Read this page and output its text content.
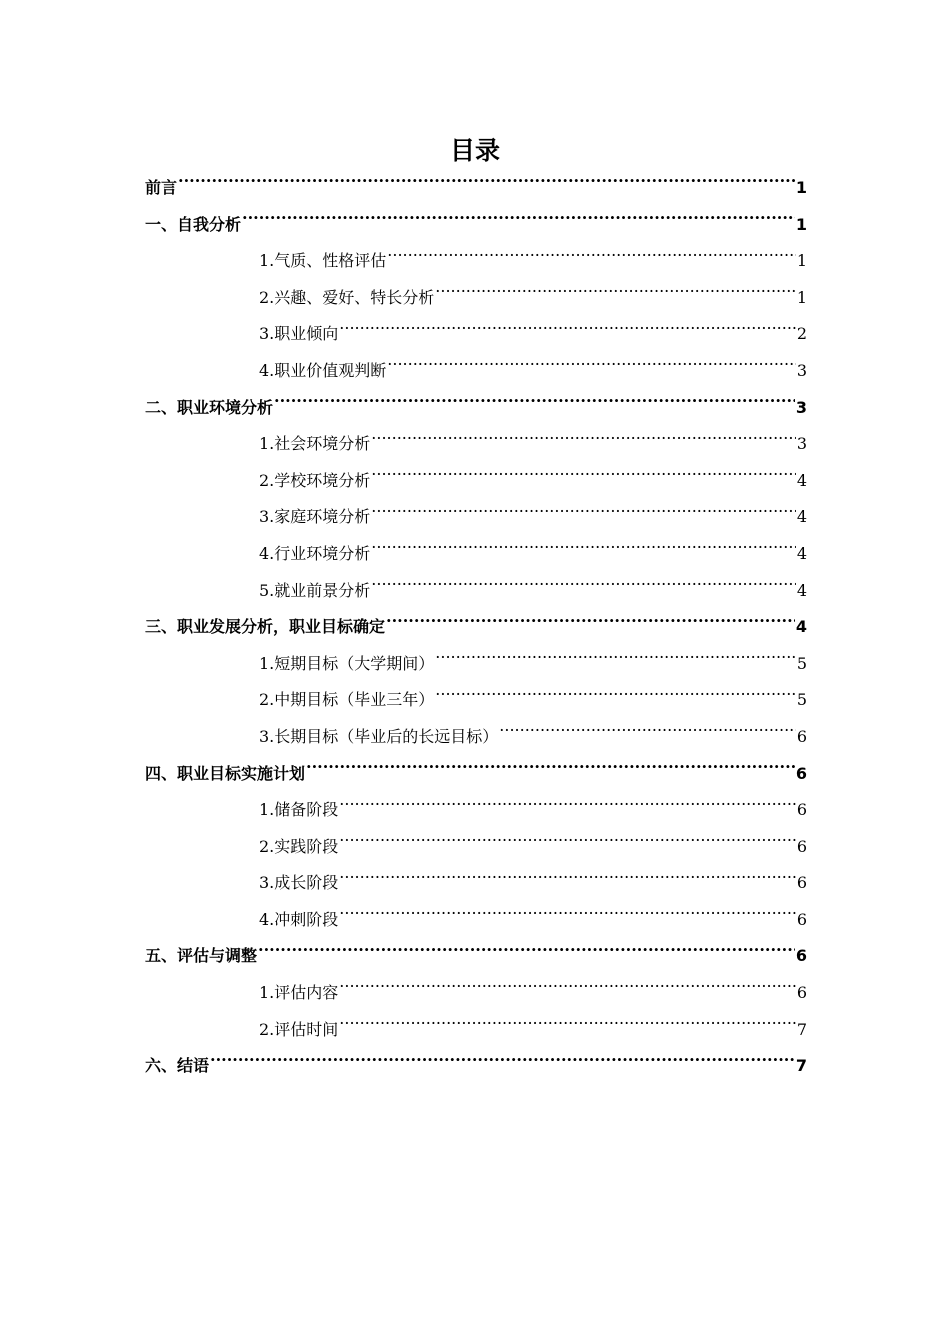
目录
前言 .....	1
一、自我分析 .....	1
1.气质、性格评估 .....	1
2.兴趣、爱好、特长分析 .....	1
3.职业倾向 .....	2
4.职业价值观判断 .....	3
二、职业环境分析 .....	3
1.社会环境分析 .....	3
2.学校环境分析 .....	4
3.家庭环境分析 .....	4
4.行业环境分析 .....	4
5.就业前景分析 .....	4
三、职业发展分析，职业目标确定 .....	4
1.短期目标（大学期间） .....	5
2.中期目标（毕业三年） .....	5
3.长期目标（毕业后的长远目标） .....	6
四、职业目标实施计划 .....	6
1.储备阶段 .....	6
2.实践阶段 .....	6
3.成长阶段 .....	6
4.冲刺阶段 .....	6
五、评估与调整 .....	6
1.评估内容 .....	6
2.评估时间 .....	7
六、结语 .....	7
